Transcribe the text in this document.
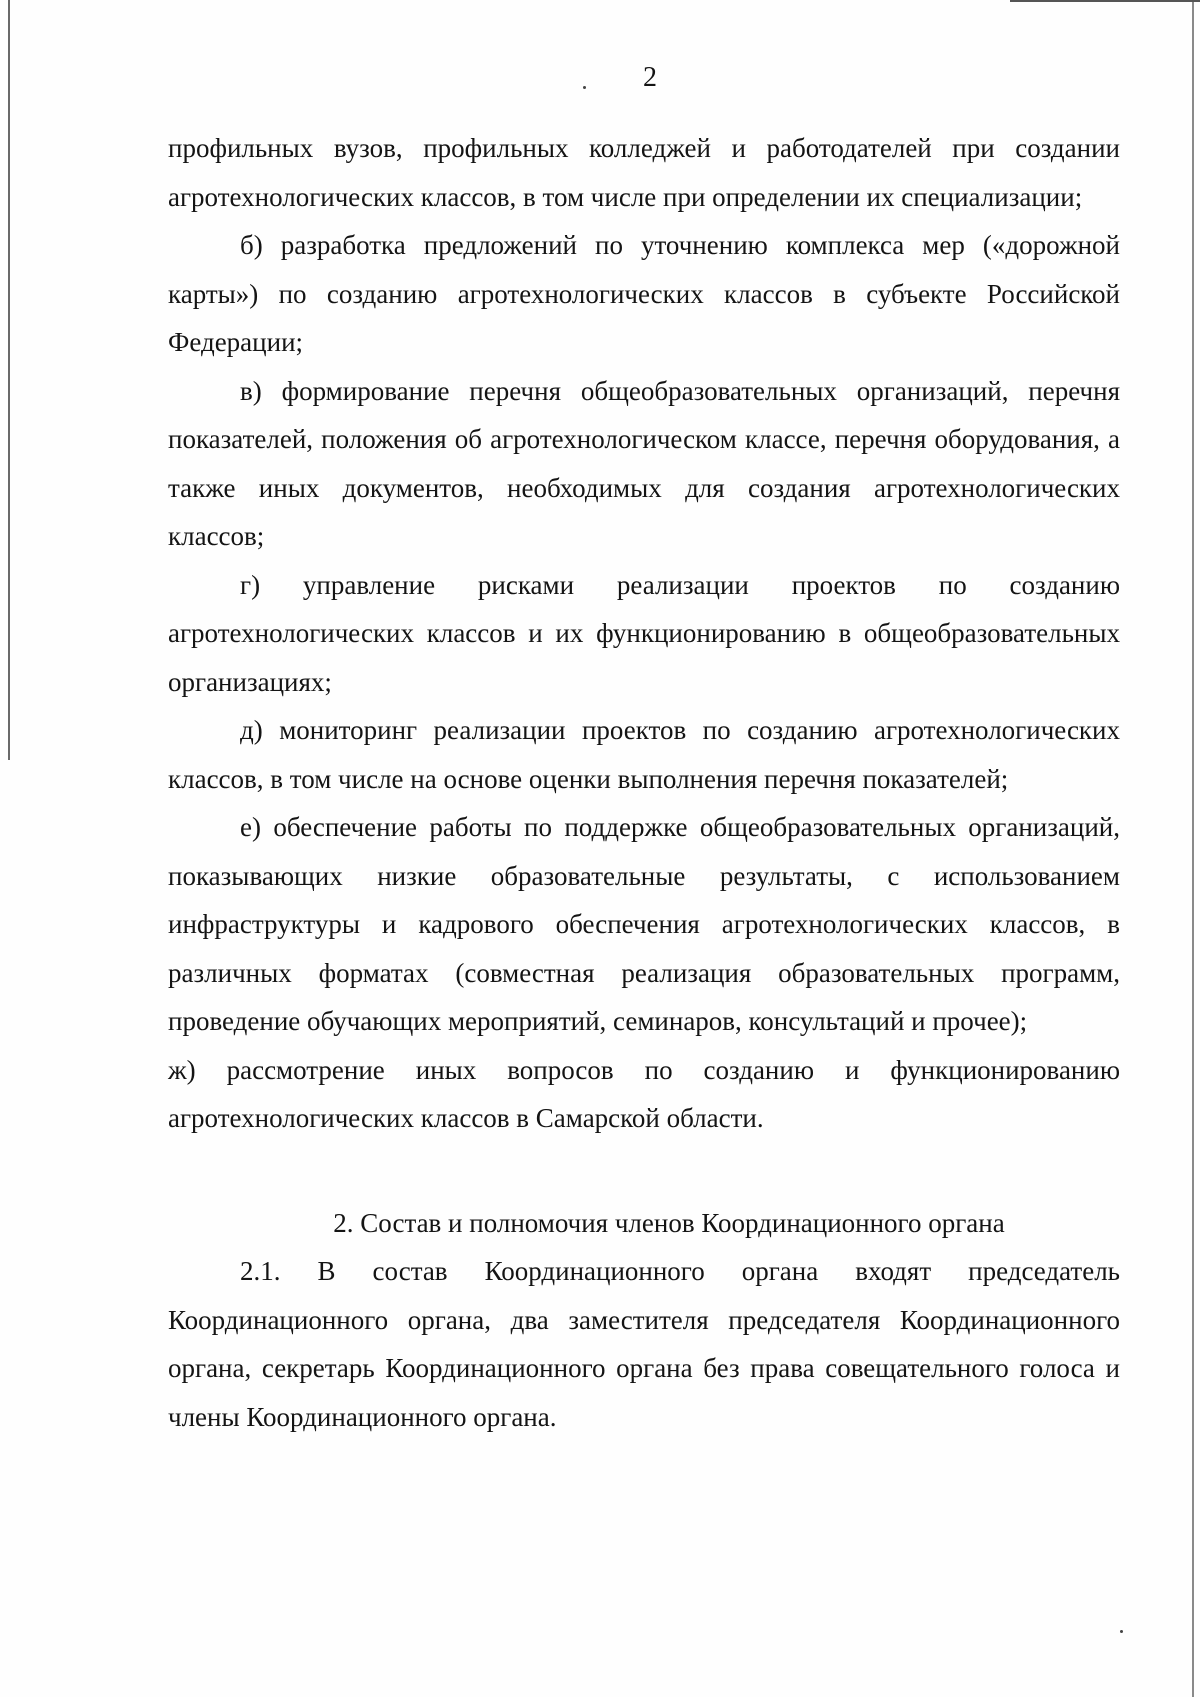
2

профильных вузов, профильных колледжей и работодателей при создании агротехнологических классов, в том числе при определении их специализации;

б) разработка предложений по уточнению комплекса мер («дорожной карты») по созданию агротехнологических классов в субъекте Российской Федерации;

в) формирование перечня общеобразовательных организаций, перечня показателей, положения об агротехнологическом классе, перечня оборудования, а также иных документов, необходимых для создания агротехнологических классов;

г) управление рисками реализации проектов по созданию агротехнологических классов и их функционированию в общеобразовательных организациях;

д) мониторинг реализации проектов по созданию агротехнологических классов, в том числе на основе оценки выполнения перечня показателей;

е) обеспечение работы по поддержке общеобразовательных организаций, показывающих низкие образовательные результаты, с использованием инфраструктуры и кадрового обеспечения агротехнологических классов, в различных форматах (совместная реализация образовательных программ, проведение обучающих мероприятий, семинаров, консультаций и прочее);

ж) рассмотрение иных вопросов по созданию и функционированию агротехнологических классов в Самарской области.

2. Состав и полномочия членов Координационного органа

2.1. В состав Координационного органа входят председатель Координационного органа, два заместителя председателя Координационного органа, секретарь Координационного органа без права совещательного голоса и члены Координационного органа.
